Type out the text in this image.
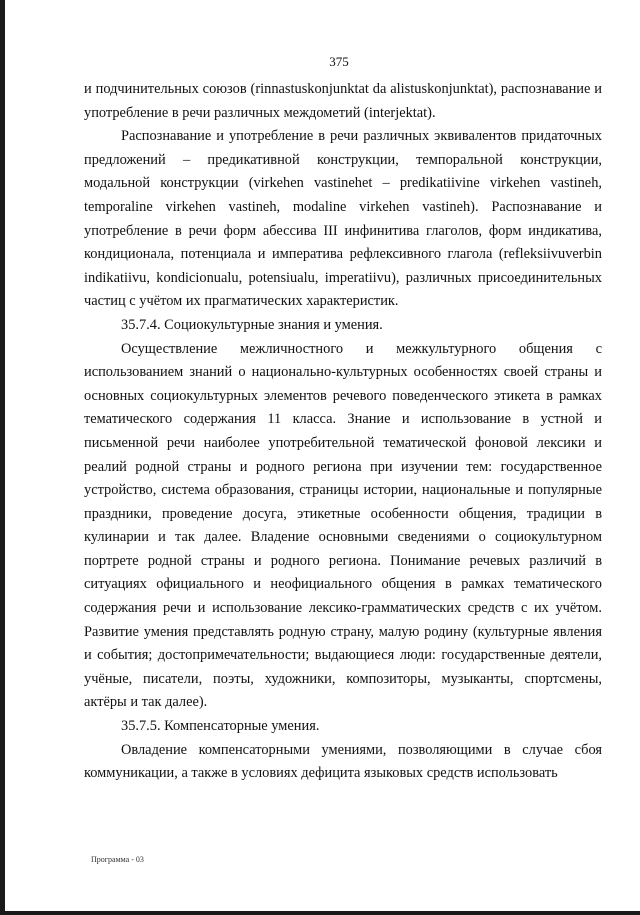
375

и подчинительных союзов (rinnastuskonjunktat da alistuskonjunktat), распознавание и употребление в речи различных междометий (interjektat).

Распознавание и употребление в речи различных эквивалентов придаточных предложений – предикативной конструкции, темпоральной конструкции, модальной конструкции (virkehen vastinehet – predikatiivine virkehen vastineh, temporaline virkehen vastineh, modaline virkehen vastineh). Распознавание и употребление в речи форм абессива III инфинитива глаголов, форм индикатива, кондиционала, потенциала и императива рефлексивного глагола (refleksiivuverbin indikatiivu, kondicionualu, potensiualu, imperatiivu), различных присоединительных частиц с учётом их прагматических характеристик.

35.7.4. Социокультурные знания и умения.

Осуществление межличностного и межкультурного общения с использованием знаний о национально-культурных особенностях своей страны и основных социокультурных элементов речевого поведенческого этикета в рамках тематического содержания 11 класса. Знание и использование в устной и письменной речи наиболее употребительной тематической фоновой лексики и реалий родной страны и родного региона при изучении тем: государственное устройство, система образования, страницы истории, национальные и популярные праздники, проведение досуга, этикетные особенности общения, традиции в кулинарии и так далее. Владение основными сведениями о социокультурном портрете родной страны и родного региона. Понимание речевых различий в ситуациях официального и неофициального общения в рамках тематического содержания речи и использование лексико-грамматических средств с их учётом. Развитие умения представлять родную страну, малую родину (культурные явления и события; достопримечательности; выдающиеся люди: государственные деятели, учёные, писатели, поэты, художники, композиторы, музыканты, спортсмены, актёры и так далее).

35.7.5. Компенсаторные умения.

Овладение компенсаторными умениями, позволяющими в случае сбоя коммуникации, а также в условиях дефицита языковых средств использовать

Программа - 03
